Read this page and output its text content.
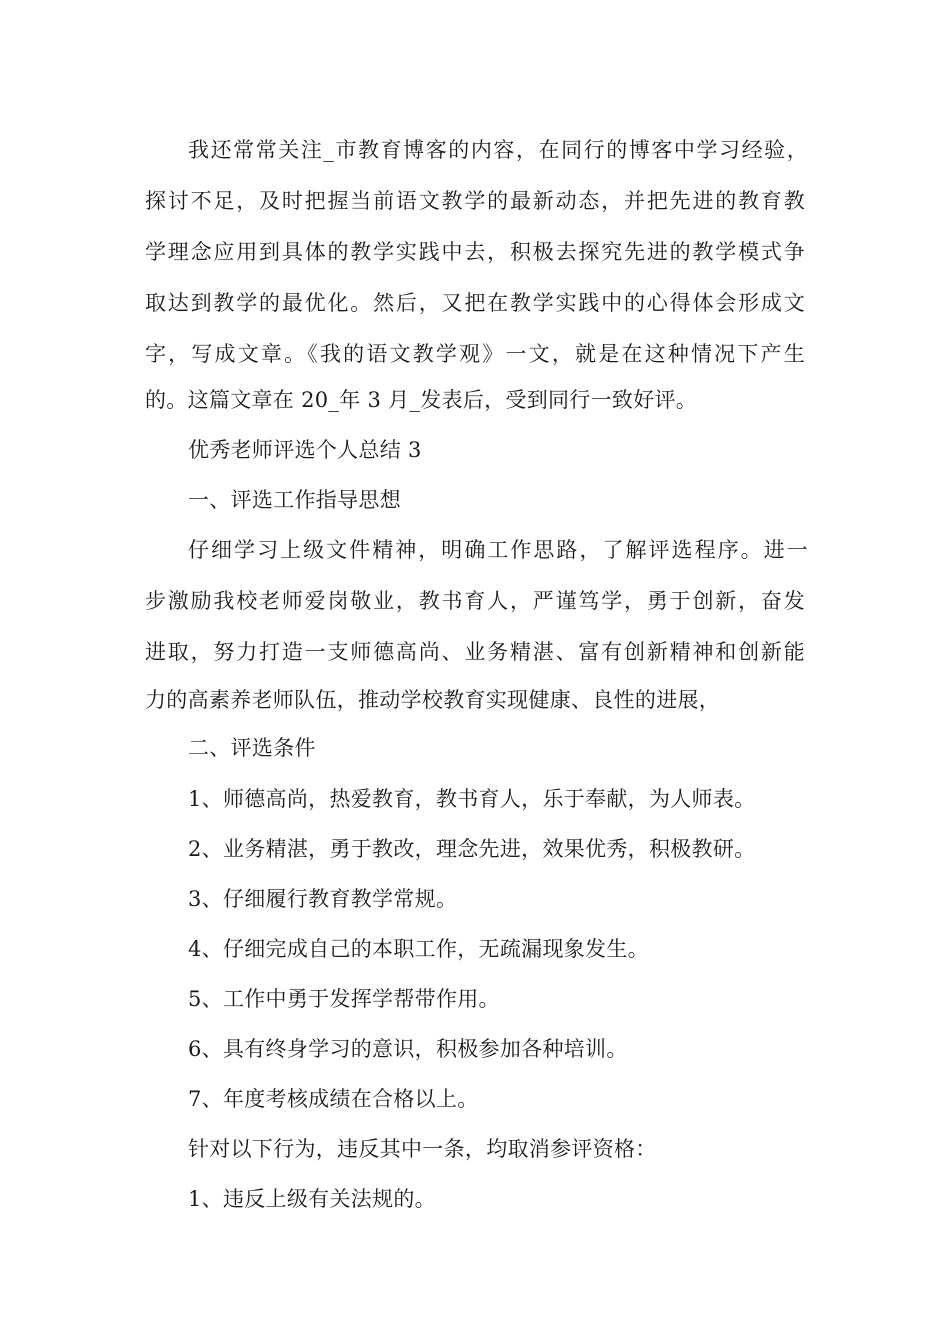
我还常常关注_市教育博客的内容，在同行的博客中学习经验，
探讨不足，及时把握当前语文教学的最新动态，并把先进的教育教
学理念应用到具体的教学实践中去，积极去探究先进的教学模式争
取达到教学的最优化。然后，又把在教学实践中的心得体会形成文
字，写成文章。《我的语文教学观》一文，就是在这种情况下产生
的。这篇文章在 20_年 3 月_发表后，受到同行一致好评。
优秀老师评选个人总结 3
一、评选工作指导思想
仔细学习上级文件精神，明确工作思路，了解评选程序。进一
步激励我校老师爱岗敬业，教书育人，严谨笃学，勇于创新，奋发
进取，努力打造一支师德高尚、业务精湛、富有创新精神和创新能
力的高素养老师队伍，推动学校教育实现健康、良性的进展，
二、评选条件
1、师德高尚，热爱教育，教书育人，乐于奉献，为人师表。
2、业务精湛，勇于教改，理念先进，效果优秀，积极教研。
3、仔细履行教育教学常规。
4、仔细完成自己的本职工作，无疏漏现象发生。
5、工作中勇于发挥学帮带作用。
6、具有终身学习的意识，积极参加各种培训。
7、年度考核成绩在合格以上。
针对以下行为，违反其中一条，均取消参评资格：
1、违反上级有关法规的。
